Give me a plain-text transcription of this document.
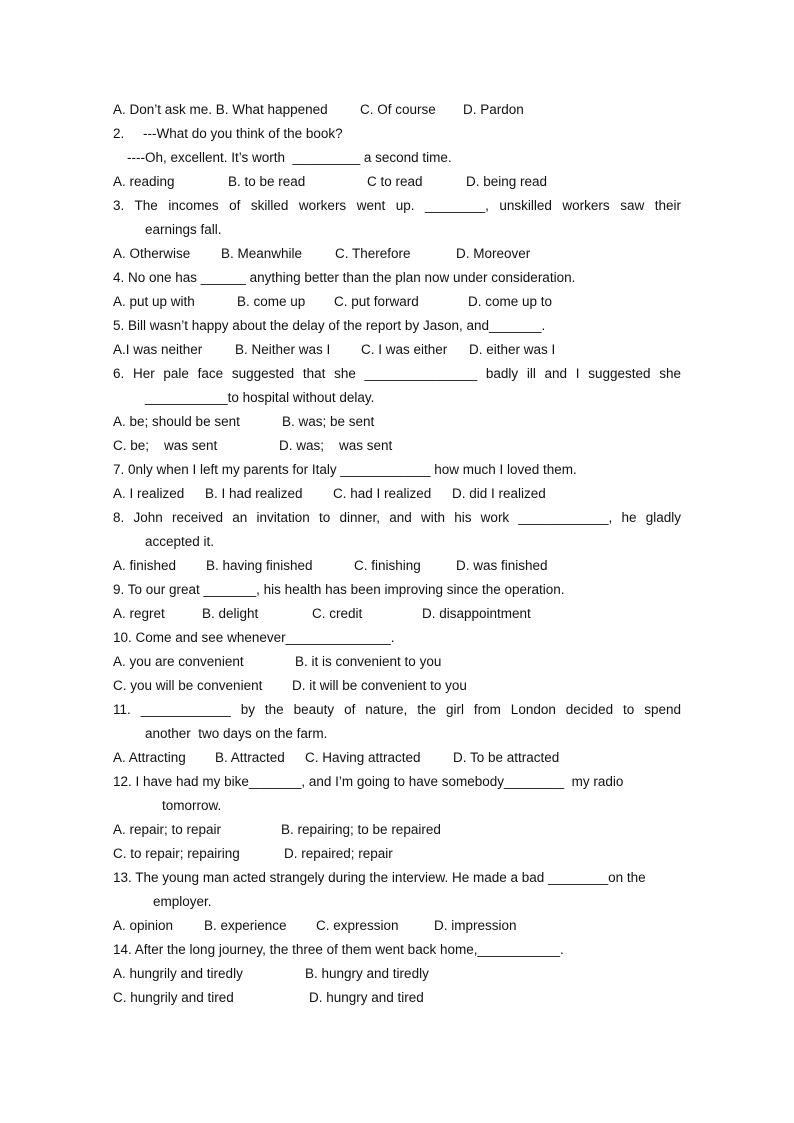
A. Don’t ask me. B. What happened

C. Of course

D. Pardon

2.     ---What do you think of the book?
----Oh, excellent. It’s worth  _________ a second time.

A. reading

	B. to be read

	C to read

	D. being read

3. The incomes of skilled workers went up. ________, unskilled workers saw their
earnings fall.

A. Otherwise

B. Meanwhile

C. Therefore

	D. Moreover

4. No one has ______ anything better than the plan now under consideration.

A. put up with

	B. come up

C. put forward

	D. come up to

5. Bill wasn’t happy about the delay of the report by Jason, and_______.

A.I was neither

B. Neither was I

C. I was either

D. either was I

6. Her pale face suggested that she _______________ badly ill and I suggested she
___________to hospital without delay.

A. be; should be sent

	B. was; be sent

C. be;    was sent

	D. was;    was sent

7. 0nly when I left my parents for Italy ____________ how much I loved them.

A. I realized

B. I had realized

C. had I realized

D. did I realized

8. John received an invitation to dinner, and with his work ____________, he gladly
accepted it.

A. finished

B. having finished

	C. finishing

	D. was finished

9. To our great _______, his health has been improving since the operation.

A. regret

	B. delight

	C. credit

	D. disappointment

10. Come and see whenever______________.

A. you are convenient

	B. it is convenient to you

C. you will be convenient

D. it will be convenient to you

11. ____________ by the beauty of nature, the girl from London decided to spend
another  two days on the farm.

A. Attracting

B. Attracted

C. Having attracted

D. To be attracted

12. I have had my bike_______, and I’m going to have somebody________  my radio
tomorrow.

A. repair; to repair

	B. repairing; to be repaired

C. to repair; repairing

	D. repaired; repair

13. The young man acted strangely during the interview. He made a bad ________on the
employer.

A. opinion

B. experience

C. expression

	D. impression

14. After the long journey, the three of them went back home,___________.

A. hungrily and tiredly

	B. hungry and tiredly

C. hungrily and tired

	D. hungry and tired
